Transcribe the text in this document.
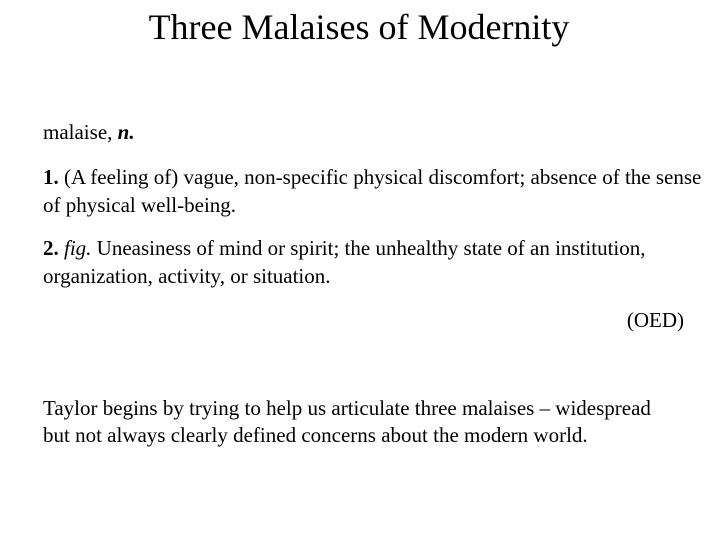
Three Malaises of Modernity
malaise, n.
1. (A feeling of) vague, non-specific physical discomfort; absence of the sense of physical well-being.
2. fig. Uneasiness of mind or spirit; the unhealthy state of an institution, organization, activity, or situation.
(OED)
Taylor begins by trying to help us articulate three malaises – widespread but not always clearly defined concerns about the modern world.
